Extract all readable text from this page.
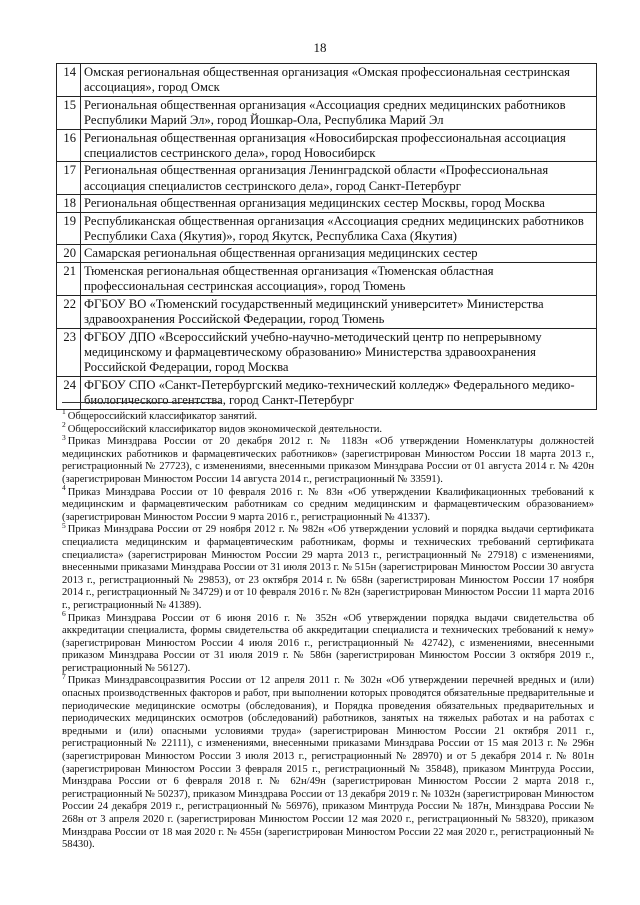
18
14	Омская региональная общественная организация «Омская профессиональная сестринская ассоциация», город Омск
15	Региональная общественная организация «Ассоциация средних медицинских работников Республики Марий Эл», город Йошкар-Ола, Республика Марий Эл
16	Региональная общественная организация «Новосибирская профессиональная ассоциация специалистов сестринского дела», город Новосибирск
17	Региональная общественная организация Ленинградской области «Профессиональная ассоциация специалистов сестринского дела», город Санкт-Петербург
18	Региональная общественная организация медицинских сестер Москвы, город Москва
19	Республиканская общественная организация «Ассоциация средних медицинских работников Республики Саха (Якутия)», город Якутск, Республика Саха (Якутия)
20	Самарская региональная общественная организация медицинских сестер
21	Тюменская региональная общественная организация «Тюменская областная профессиональная сестринская ассоциация», город Тюмень
22	ФГБОУ ВО «Тюменский государственный медицинский университет» Министерства здравоохранения Российской Федерации, город Тюмень
23	ФГБОУ ДПО «Всероссийский учебно-научно-методический центр по непрерывному медицинскому и фармацевтическому образованию» Министерства здравоохранения Российской Федерации, город Москва
24	ФГБОУ СПО «Санкт-Петербургский медико-технический колледж» Федерального медико-биологического агентства, город Санкт-Петербург

$^1$ Общероссийский классификатор занятий.

$^2$ Общероссийский классификатор видов экономической деятельности.

$^3$ Приказ Минздрава России от 20 декабря 2012 г. № 1183н «Об утверждении Номенклатуры должностей медицинских работников и фармацевтических работников» (зарегистрирован Минюстом России 18 марта 2013 г., регистрационный № 27723), с изменениями, внесенными приказом Минздрава России от 01 августа 2014 г. № 420н (зарегистрирован Минюстом России 14 августа 2014 г., регистрационный № 33591).

$^4$ Приказ Минздрава России от 10 февраля 2016 г. № 83н «Об утверждении Квалификационных требований к медицинским и фармацевтическим работникам со средним медицинским и фармацевтическим образованием» (зарегистрирован Минюстом России 9 марта 2016 г., регистрационный № 41337).

$^5$ Приказ Минздрава России от 29 ноября 2012 г. № 982н «Об утверждении условий и порядка выдачи сертификата специалиста медицинским и фармацевтическим работникам, формы и технических требований сертификата специалиста» (зарегистрирован Минюстом России 29 марта 2013 г., регистрационный № 27918) с изменениями, внесенными приказами Минздрава России от 31 июля 2013 г. № 515н (зарегистрирован Минюстом России 30 августа 2013 г., регистрационный № 29853), от 23 октября 2014 г. № 658н (зарегистрирован Минюстом России 17 ноября 2014 г., регистрационный № 34729) и от 10 февраля 2016 г. № 82н (зарегистрирован Минюстом России 11 марта 2016 г., регистрационный № 41389).

$^6$ Приказ Минздрава России от 6 июня 2016 г. № 352н «Об утверждении порядка выдачи свидетельства об аккредитации специалиста, формы свидетельства об аккредитации специалиста и технических требований к нему» (зарегистрирован Минюстом России 4 июля 2016 г., регистрационный № 42742), с изменениями, внесенными приказом Минздрава России от 31 июля 2019 г. № 586н (зарегистрирован Минюстом России 3 октября 2019 г., регистрационный № 56127).

$^7$ Приказ Минздравсоцразвития России от 12 апреля 2011 г. № 302н «Об утверждении перечней вредных и (или) опасных производственных факторов и работ, при выполнении которых проводятся обязательные предварительные и периодические медицинские осмотры (обследования), и Порядка проведения обязательных предварительных и периодических медицинских осмотров (обследований) работников, занятых на тяжелых работах и на работах с вредными и (или) опасными условиями труда» (зарегистрирован Минюстом России 21 октября 2011 г., регистрационный № 22111), с изменениями, внесенными приказами Минздрава России от 15 мая 2013 г. № 296н (зарегистрирован Минюстом России 3 июля 2013 г., регистрационный № 28970) и от 5 декабря 2014 г. № 801н (зарегистрирован Минюстом России 3 февраля 2015 г., регистрационный № 35848), приказом Минтруда России, Минздрава России от 6 февраля 2018 г. № 62н/49н (зарегистрирован Минюстом России 2 марта 2018 г., регистрационный № 50237), приказом Минздрава России от 13 декабря 2019 г. № 1032н (зарегистрирован Минюстом России 24 декабря 2019 г., регистрационный № 56976), приказом Минтруда России № 187н, Минздрава России № 268н от 3 апреля 2020 г. (зарегистрирован Минюстом России 12 мая 2020 г., регистрационный № 58320), приказом Минздрава России от 18 мая 2020 г. № 455н (зарегистрирован Минюстом России 22 мая 2020 г., регистрационный № 58430).
